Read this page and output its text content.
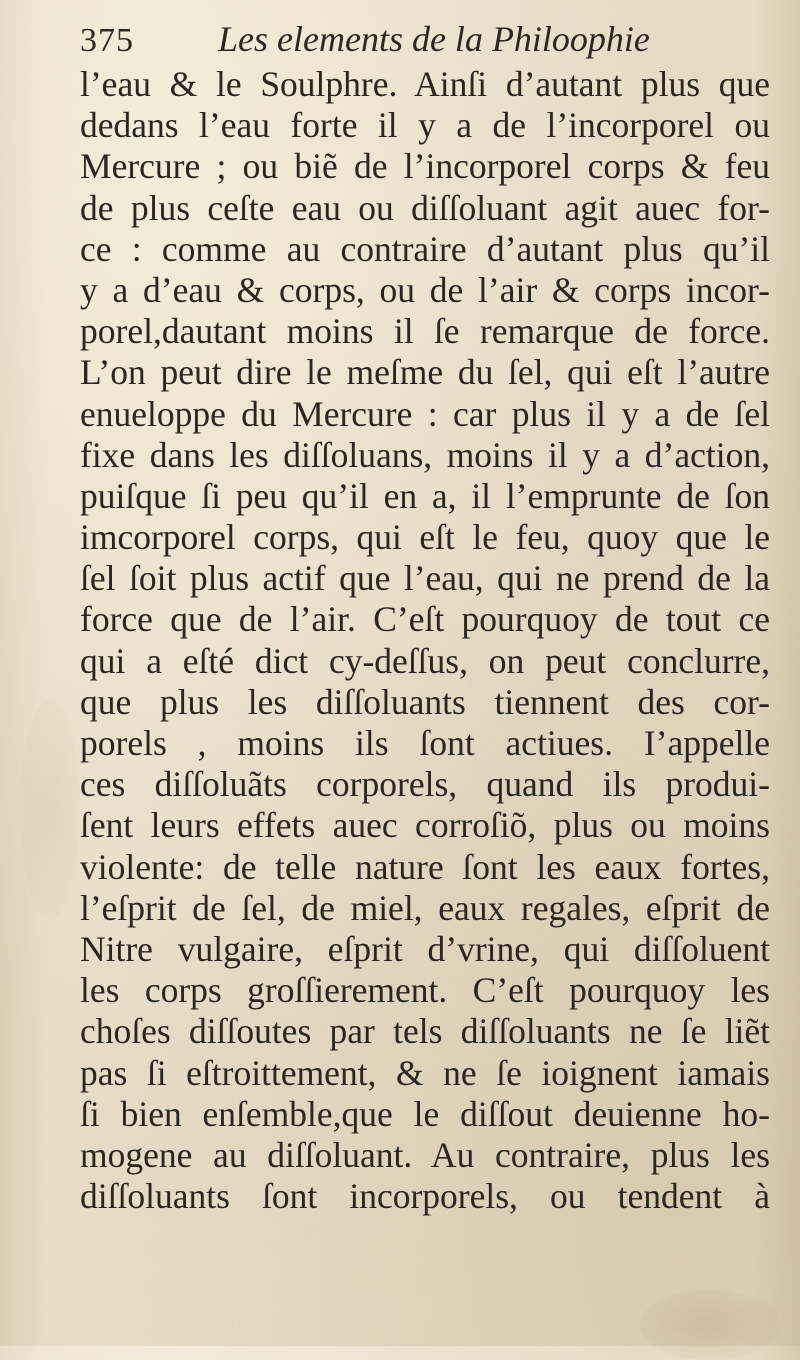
375 Les elements de la Philoophie
l’eau & le Soulphre. Ainſi d’autant plus que
dedans l’eau forte il y a de l’incorporel ou
Mercure ; ou biẽ de l’incorporel corps & feu
de plus ceſte eau ou diſſoluant agit auec for-
ce : comme au contraire d’autant plus qu’il
y a d’eau & corps, ou de l’air & corps incor-
porel,dautant moins il ſe remarque de force.
L’on peut dire le meſme du ſel, qui eſt l’autre
enueloppe du Mercure : car plus il y a de ſel
fixe dans les diſſoluans, moins il y a d’action,
puiſque ſi peu qu’il en a, il l’emprunte de ſon
imcorporel corps, qui eſt le feu, quoy que le
ſel ſoit plus actif que l’eau, qui ne prend de la
force que de l’air. C’eſt pourquoy de tout ce
qui a eſté dict cy-deſſus, on peut conclurre,
que plus les diſſoluants tiennent des cor-
porels , moins ils ſont actiues. I’appelle
ces diſſoluãts corporels, quand ils produi-
ſent leurs effets auec corroſiõ, plus ou moins
violente: de telle nature ſont les eaux fortes,
l’eſprit de ſel, de miel, eaux regales, eſprit de
Nitre vulgaire, eſprit d’vrine, qui diſſoluent
les corps groſſierement. C’eſt pourquoy les
choſes diſſoutes par tels diſſoluants ne ſe liẽt
pas ſi eſtroittement, & ne ſe ioignent iamais
ſi bien enſemble,que le diſſout deuienne ho-
mogene au diſſoluant. Au contraire, plus les
diſſoluants ſont incorporels, ou tendent à
